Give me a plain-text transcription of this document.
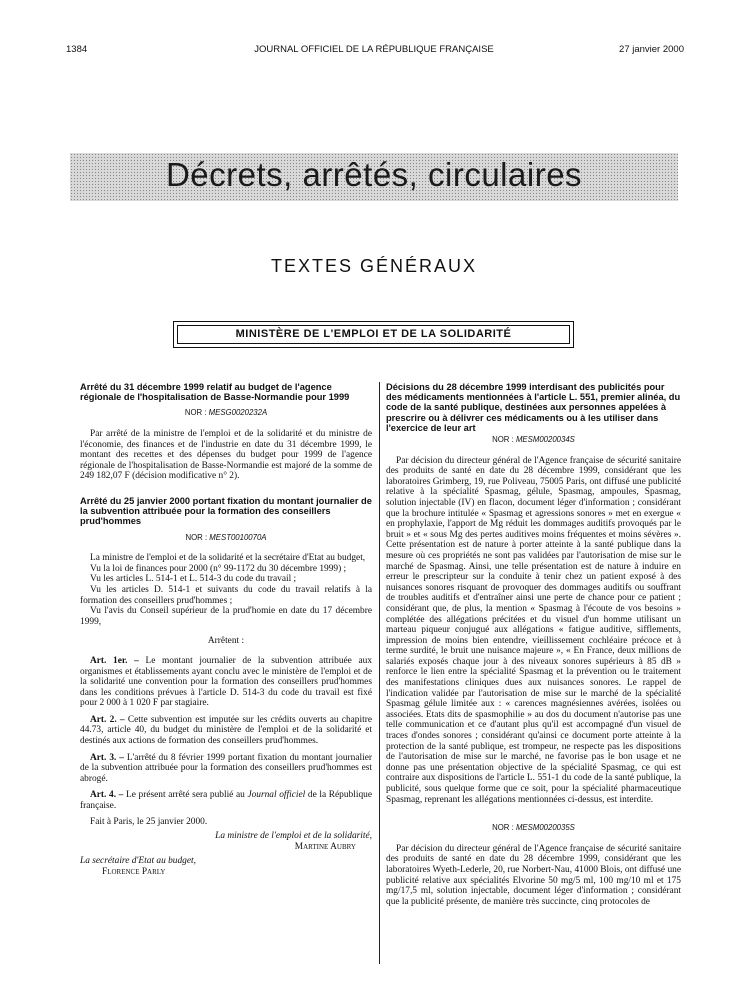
1384	JOURNAL OFFICIEL DE LA RÉPUBLIQUE FRANÇAISE	27 janvier 2000
Décrets, arrêtés, circulaires
TEXTES GÉNÉRAUX
MINISTÈRE DE L'EMPLOI ET DE LA SOLIDARITÉ

Arrêté du 31 décembre 1999 relatif au budget de l'agence régionale de l'hospitalisation de Basse-Normandie pour 1999

NOR : MESG0020232A

Par arrêté de la ministre de l'emploi et de la solidarité et du ministre de l'économie, des finances et de l'industrie en date du 31 décembre 1999, le montant des recettes et des dépenses du budget pour 1999 de l'agence régionale de l'hospitalisation de Basse-Normandie est majoré de la somme de 249 182,07 F (décision modificative n° 2).

Arrêté du 25 janvier 2000 portant fixation du montant journalier de la subvention attribuée pour la formation des conseillers prud'hommes

NOR : MEST0010070A

La ministre de l'emploi et de la solidarité et la secrétaire d'Etat au budget,

Vu la loi de finances pour 2000 (n° 99-1172 du 30 décembre 1999) ;

Vu les articles L. 514-1 et L. 514-3 du code du travail ;

Vu les articles D. 514-1 et suivants du code du travail relatifs à la formation des conseillers prud'hommes ;

Vu l'avis du Conseil supérieur de la prud'homie en date du 17 décembre 1999,

Arrêtent :

Art. 1er. – Le montant journalier de la subvention attribuée aux organismes et établissements ayant conclu avec le ministère de l'emploi et de la solidarité une convention pour la formation des conseillers prud'hommes dans les conditions prévues à l'article D. 514-3 du code du travail est fixé pour 2 000 à 1 020 F par stagiaire.

Art. 2. – Cette subvention est imputée sur les crédits ouverts au chapitre 44.73, article 40, du budget du ministère de l'emploi et de la solidarité et destinés aux actions de formation des conseillers prud'hommes.

Art. 3. – L'arrêté du 8 février 1999 portant fixation du montant journalier de la subvention attribuée pour la formation des conseillers prud'hommes est abrogé.

Art. 4. – Le présent arrêté sera publié au Journal officiel de la République française.

Fait à Paris, le 25 janvier 2000.

La ministre de l'emploi et de la solidarité,

Martine Aubry

La secrétaire d'Etat au budget,

Florence Parly

Décisions du 28 décembre 1999 interdisant des publicités pour des médicaments mentionnées à l'article L. 551, premier alinéa, du code de la santé publique, destinées aux personnes appelées à prescrire ou à délivrer ces médicaments ou à les utiliser dans l'exercice de leur art

NOR : MESM0020034S

Par décision du directeur général de l'Agence française de sécurité sanitaire des produits de santé en date du 28 décembre 1999, considérant que les laboratoires Grimberg, 19, rue Poliveau, 75005 Paris, ont diffusé une publicité relative à la spécialité Spasmag, gélule, Spasmag, ampoules, Spasmag, solution injectable (IV) en flacon, document léger d'information ; considérant que la brochure intitulée « Spasmag et agressions sonores » met en exergue « en prophylaxie, l'apport de Mg réduit les dommages auditifs provoqués par le bruit » et « sous Mg des pertes auditives moins fréquentes et moins sévères ». Cette présentation est de nature à porter atteinte à la santé publique dans la mesure où ces propriétés ne sont pas validées par l'autorisation de mise sur le marché de Spasmag. Ainsi, une telle présentation est de nature à induire en erreur le prescripteur sur la conduite à tenir chez un patient exposé à des nuisances sonores risquant de provoquer des dommages auditifs ou souffrant de troubles auditifs et d'entraîner ainsi une perte de chance pour ce patient ; considérant que, de plus, la mention « Spasmag à l'écoute de vos besoins » complétée des allégations précitées et du visuel d'un homme utilisant un marteau piqueur conjugué aux allégations « fatigue auditive, sifflements, impression de moins bien entendre, vieillissement cochléaire précoce et à terme surdité, le bruit une nuisance majeure », « En France, deux millions de salariés exposés chaque jour à des niveaux sonores supérieurs à 85 dB » renforce le lien entre la spécialité Spasmag et la prévention ou le traitement des manifestations cliniques dues aux nuisances sonores. Le rappel de l'indication validée par l'autorisation de mise sur le marché de la spécialité Spasmag gélule limitée aux : « carences magnésiennes avérées, isolées ou associées. Etats dits de spasmophilie » au dos du document n'autorise pas une telle communication et ce d'autant plus qu'il est accompagné d'un visuel de traces d'ondes sonores ; considérant qu'ainsi ce document porte atteinte à la protection de la santé publique, est trompeur, ne respecte pas les dispositions de l'autorisation de mise sur le marché, ne favorise pas le bon usage et ne donne pas une présentation objective de la spécialité Spasmag, ce qui est contraire aux dispositions de l'article L. 551-1 du code de la santé publique, la publicité, sous quelque forme que ce soit, pour la spécialité pharmaceutique Spasmag, reprenant les allégations mentionnées ci-dessus, est interdite.

NOR : MESM0020035S

Par décision du directeur général de l'Agence française de sécurité sanitaire des produits de santé en date du 28 décembre 1999, considérant que les laboratoires Wyeth-Lederle, 20, rue Norbert-Nau, 41000 Blois, ont diffusé une publicité relative aux spécialités Elvorine 50 mg/5 ml, 100 mg/10 ml et 175 mg/17,5 ml, solution injectable, document léger d'information ; considérant que la publicité présente, de manière très succincte, cinq protocoles de
